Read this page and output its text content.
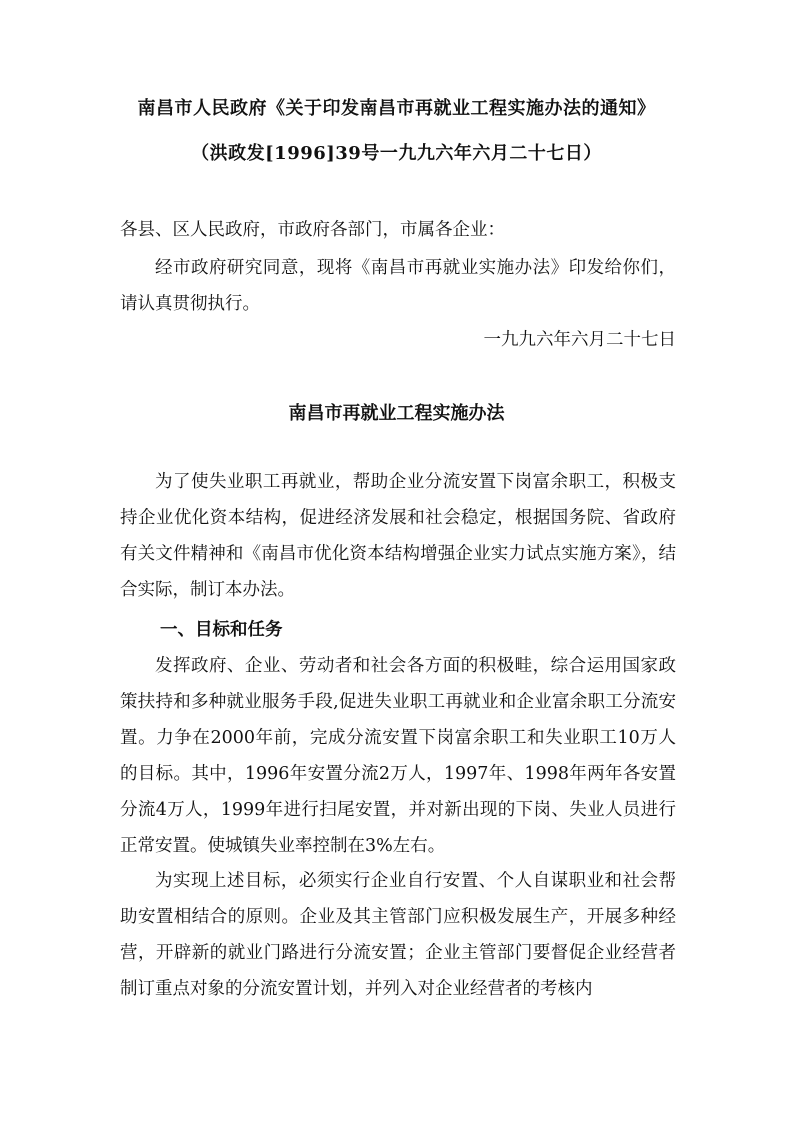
南昌市人民政府《关于印发南昌市再就业工程实施办法的通知》
（洪政发[1996]39号一九九六年六月二十七日）
各县、区人民政府，市政府各部门，市属各企业：
经市政府研究同意，现将《南昌市再就业实施办法》印发给你们，请认真贯彻执行。
一九九六年六月二十七日
南昌市再就业工程实施办法
为了使失业职工再就业，帮助企业分流安置下岗富余职工，积极支持企业优化资本结构，促进经济发展和社会稳定，根据国务院、省政府有关文件精神和《南昌市优化资本结构增强企业实力试点实施方案》，结合实际，制订本办法。
一、目标和任务
发挥政府、企业、劳动者和社会各方面的积极畦，综合运用国家政策扶持和多种就业服务手段,促进失业职工再就业和企业富余职工分流安置。力争在2000年前，完成分流安置下岗富余职工和失业职工10万人的目标。其中，1996年安置分流2万人，1997年、1998年两年各安置分流4万人，1999年进行扫尾安置，并对新出现的下岗、失业人员进行正常安置。使城镇失业率控制在3%左右。
为实现上述目标，必须实行企业自行安置、个人自谋职业和社会帮助安置相结合的原则。企业及其主管部门应积极发展生产，开展多种经营，开辟新的就业门路进行分流安置；企业主管部门要督促企业经营者制订重点对象的分流安置计划，并列入对企业经营者的考核内
